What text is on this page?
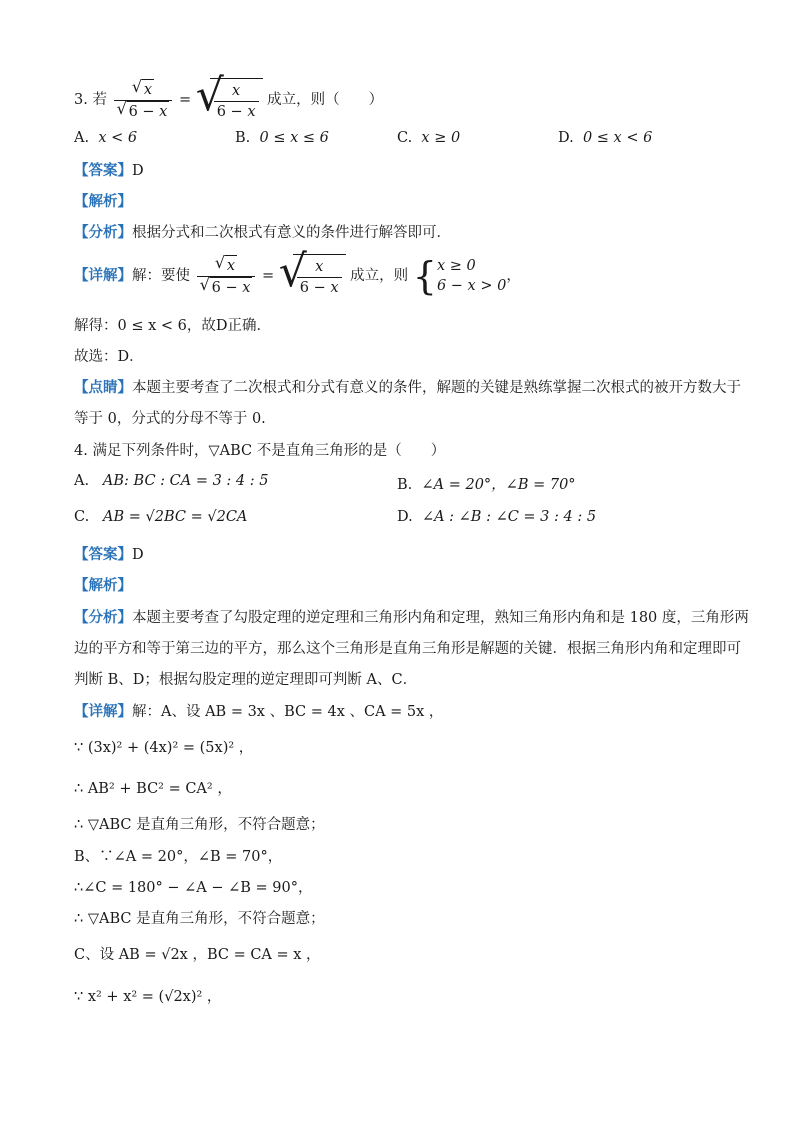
3. 若 $\frac{√ x}{√ 6 - x}$ = √
$\frac{x}{6 - x}$ 成立，则（　　）
A. x < 6	B. 0 ≤ x ≤ 6	C. x ≥ 0	D. 0 ≤ x < 6
【答案】D
【解析】
【分析】根据分式和二次根式有意义的条件进行解答即可．
【详解】解：要使 $\frac{√ x}{√ 6 - x}$ = √
$\frac{x}{6 - x}$ 成立，则 { x ≥ 0
6 − x > 0
，
解得：0 ≤ x < 6，故D正确．
故选：D．
【点睛】本题主要考查了二次根式和分式有意义的条件，解题的关键是熟练掌握二次根式的被开方数大于
等于 0，分式的分母不等于 0.
4. 满足下列条件时，▽ABC 不是直角三角形的是（　　）
A. AB: BC : CA = 3 : 4 : 5	B. ∠A = 20°，∠B = 70°
C. AB = √2BC = √2CA	D. ∠A : ∠B : ∠C = 3 : 4 : 5
【答案】D
【解析】
【分析】本题主要考查了勾股定理的逆定理和三角形内角和定理，熟知三角形内角和是 180 度，三角形两
边的平方和等于第三边的平方，那么这个三角形是直角三角形是解题的关键．根据三角形内角和定理即可
判断 B、D；根据勾股定理的逆定理即可判断 A、C．
【详解】解：A、设 AB = 3x 、BC = 4x 、CA = 5x ，
∵ (3x)² + (4x)² = (5x)² ，
∴ AB² + BC² = CA² ，
∴ ▽ABC 是直角三角形，不符合题意；
B、∵∠A = 20°，∠B = 70°，
∴∠C = 180° − ∠A − ∠B = 90°，
∴ ▽ABC 是直角三角形，不符合题意；
C、设 AB = √2x ，BC = CA = x ，
∵ x² + x² = (√2x)² ，
